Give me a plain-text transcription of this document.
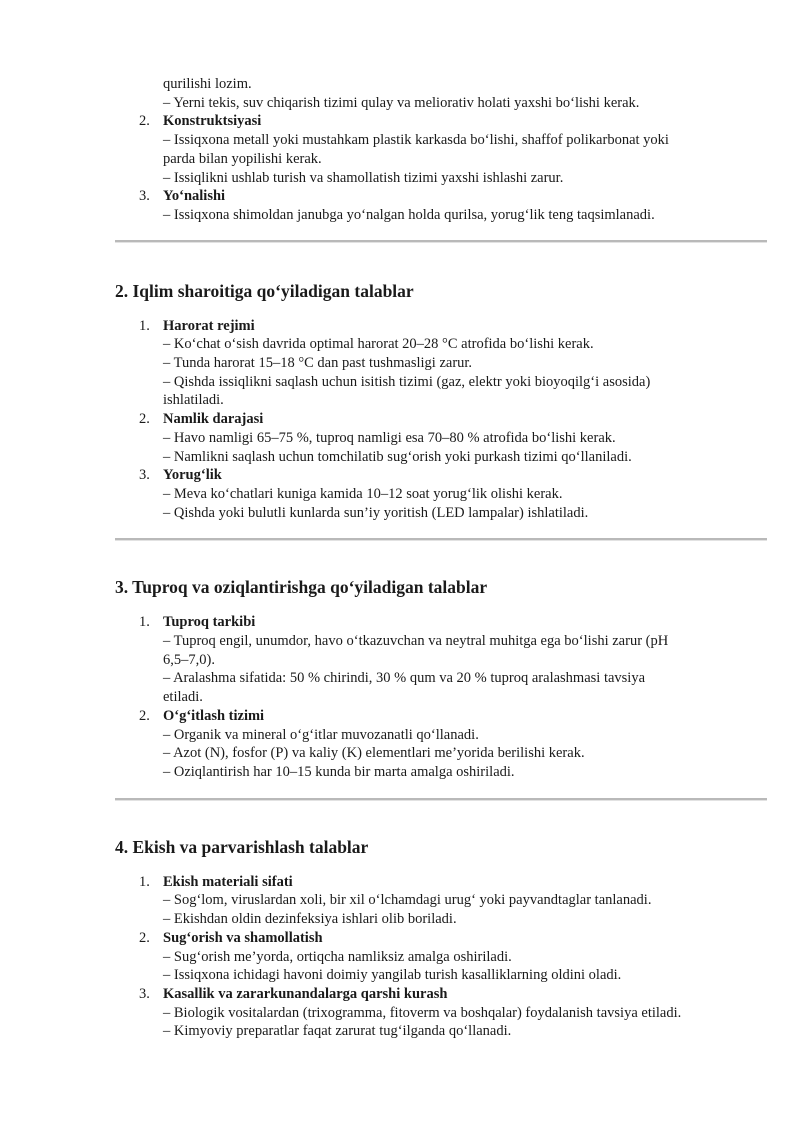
qurilishi lozim.

– Yerni tekis, suv chiqarish tizimi qulay va meliorativ holati yaxshi bo‘lishi kerak.

2. Konstruktsiyasi

– Issiqxona metall yoki mustahkam plastik karkasda bo‘lishi, shaffof polikarbonat yoki

parda bilan yopilishi kerak.

– Issiqlikni ushlab turish va shamollatish tizimi yaxshi ishlashi zarur.

3. Yo‘nalishi

– Issiqxona shimoldan janubga yo‘nalgan holda qurilsa, yorug‘lik teng taqsimlanadi.

2. Iqlim sharoitiga qo‘yiladigan talablar
1. Harorat rejimi

– Ko‘chat o‘sish davrida optimal harorat 20–28 °C atrofida bo‘lishi kerak.

– Tunda harorat 15–18 °C dan past tushmasligi zarur.

– Qishda issiqlikni saqlash uchun isitish tizimi (gaz, elektr yoki bioyoqilg‘i asosida)

ishlatiladi.

2. Namlik darajasi

– Havo namligi 65–75 %, tuproq namligi esa 70–80 % atrofida bo‘lishi kerak.

– Namlikni saqlash uchun tomchilatib sug‘orish yoki purkash tizimi qo‘llaniladi.

3. Yorug‘lik

– Meva ko‘chatlari kuniga kamida 10–12 soat yorug‘lik olishi kerak.

– Qishda yoki bulutli kunlarda sun’iy yoritish (LED lampalar) ishlatiladi.

3. Tuproq va oziqlantirishga qo‘yiladigan talablar
1. Tuproq tarkibi

– Tuproq engil, unumdor, havo o‘tkazuvchan va neytral muhitga ega bo‘lishi zarur (pH

6,5–7,0).

– Aralashma sifatida: 50 % chirindi, 30 % qum va 20 % tuproq aralashmasi tavsiya

etiladi.

2. O‘g‘itlash tizimi

– Organik va mineral o‘g‘itlar muvozanatli qo‘llanadi.

– Azot (N), fosfor (P) va kaliy (K) elementlari me’yorida berilishi kerak.

– Oziqlantirish har 10–15 kunda bir marta amalga oshiriladi.

4. Ekish va parvarishlash talablar
1. Ekish materiali sifati

– Sog‘lom, viruslardan xoli, bir xil o‘lchamdagi urug‘ yoki payvandtaglar tanlanadi.

– Ekishdan oldin dezinfeksiya ishlari olib boriladi.

2. Sug‘orish va shamollatish

– Sug‘orish me’yorda, ortiqcha namliksiz amalga oshiriladi.

– Issiqxona ichidagi havoni doimiy yangilab turish kasalliklarning oldini oladi.

3. Kasallik va zararkunandalarga qarshi kurash

– Biologik vositalardan (trixogramma, fitoverm va boshqalar) foydalanish tavsiya etiladi.

– Kimyoviy preparatlar faqat zarurat tug‘ilganda qo‘llanadi.
